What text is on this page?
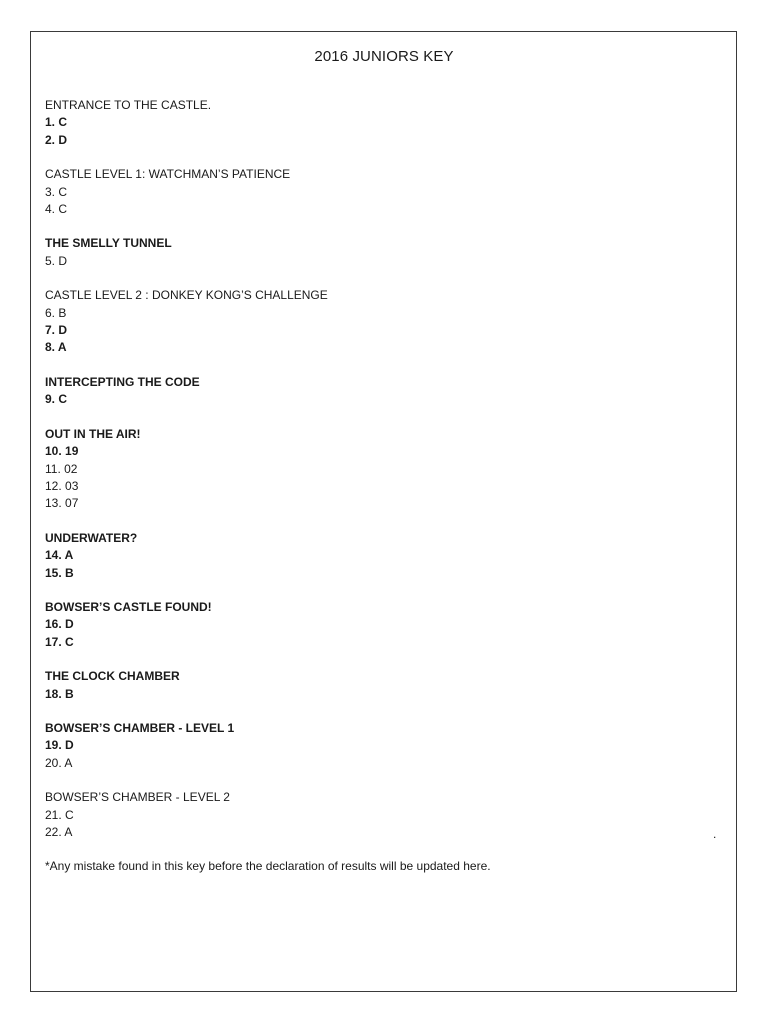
2016 JUNIORS KEY
ENTRANCE TO THE CASTLE.
1. C
2. D
CASTLE LEVEL 1: WATCHMAN’S PATIENCE
3. C
4. C
THE SMELLY TUNNEL
5. D
CASTLE LEVEL 2 : DONKEY KONG’S CHALLENGE
6. B
7. D
8. A
INTERCEPTING THE CODE
9. C
OUT IN THE AIR!
10. 19
11. 02
12. 03
13. 07
UNDERWATER?
14. A
15. B
BOWSER’S CASTLE FOUND!
16. D
17. C
THE CLOCK CHAMBER
18. B
BOWSER’S CHAMBER - LEVEL 1
19. D
20. A
BOWSER’S CHAMBER - LEVEL 2
21. C
22. A
*Any mistake found in this key before the declaration of results will be updated here.
.
